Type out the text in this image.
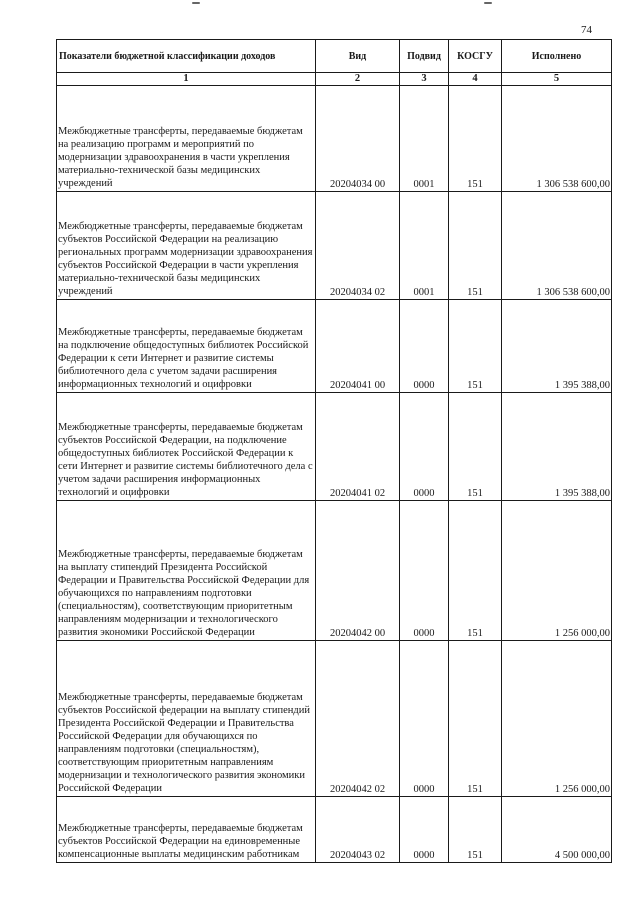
74
Показатели бюджетной классификации доходов	Вид	Подвид	КОСГУ	Исполнено
1	2	3	4	5
Межбюджетные трансферты, передаваемые бюджетам на реализацию программ и мероприятий по модернизации здравоохранения в части укрепления материально-технической базы медицинских учреждений	20204034 00	0001	151	1 306 538 600,00
Межбюджетные трансферты, передаваемые бюджетам субъектов Российской Федерации на реализацию региональных программ модернизации здравоохранения субъектов Российской Федерации в части укрепления материально-технической базы медицинских учреждений	20204034 02	0001	151	1 306 538 600,00
Межбюджетные трансферты, передаваемые бюджетам на подключение общедоступных библиотек Российской Федерации к сети Интернет и развитие системы библиотечного дела с учетом задачи расширения информационных технологий и оцифровки	20204041 00	0000	151	1 395 388,00
Межбюджетные трансферты, передаваемые бюджетам субъектов Российской Федерации, на подключение общедоступных библиотек Российской Федерации к сети Интернет и развитие системы библиотечного дела с учетом задачи расширения информационных технологий и оцифровки	20204041 02	0000	151	1 395 388,00
Межбюджетные трансферты, передаваемые бюджетам на выплату стипендий Президента Российской Федерации и Правительства Российской Федерации для обучающихся по направлениям подготовки (специальностям), соответствующим приоритетным направлениям модернизации и технологического развития экономики Российской Федерации	20204042 00	0000	151	1 256 000,00
Межбюджетные трансферты, передаваемые бюджетам субъектов Российской федерации на выплату стипендий Президента Российской Федерации и Правительства Российской Федерации для обучающихся по направлениям подготовки (специальностям), соответствующим приоритетным направлениям модернизации и технологического развития экономики Российской Федерации	20204042 02	0000	151	1 256 000,00
Межбюджетные трансферты, передаваемые бюджетам субъектов Российской Федерации на единовременные компенсационные выплаты медицинским работникам	20204043 02	0000	151	4 500 000,00
